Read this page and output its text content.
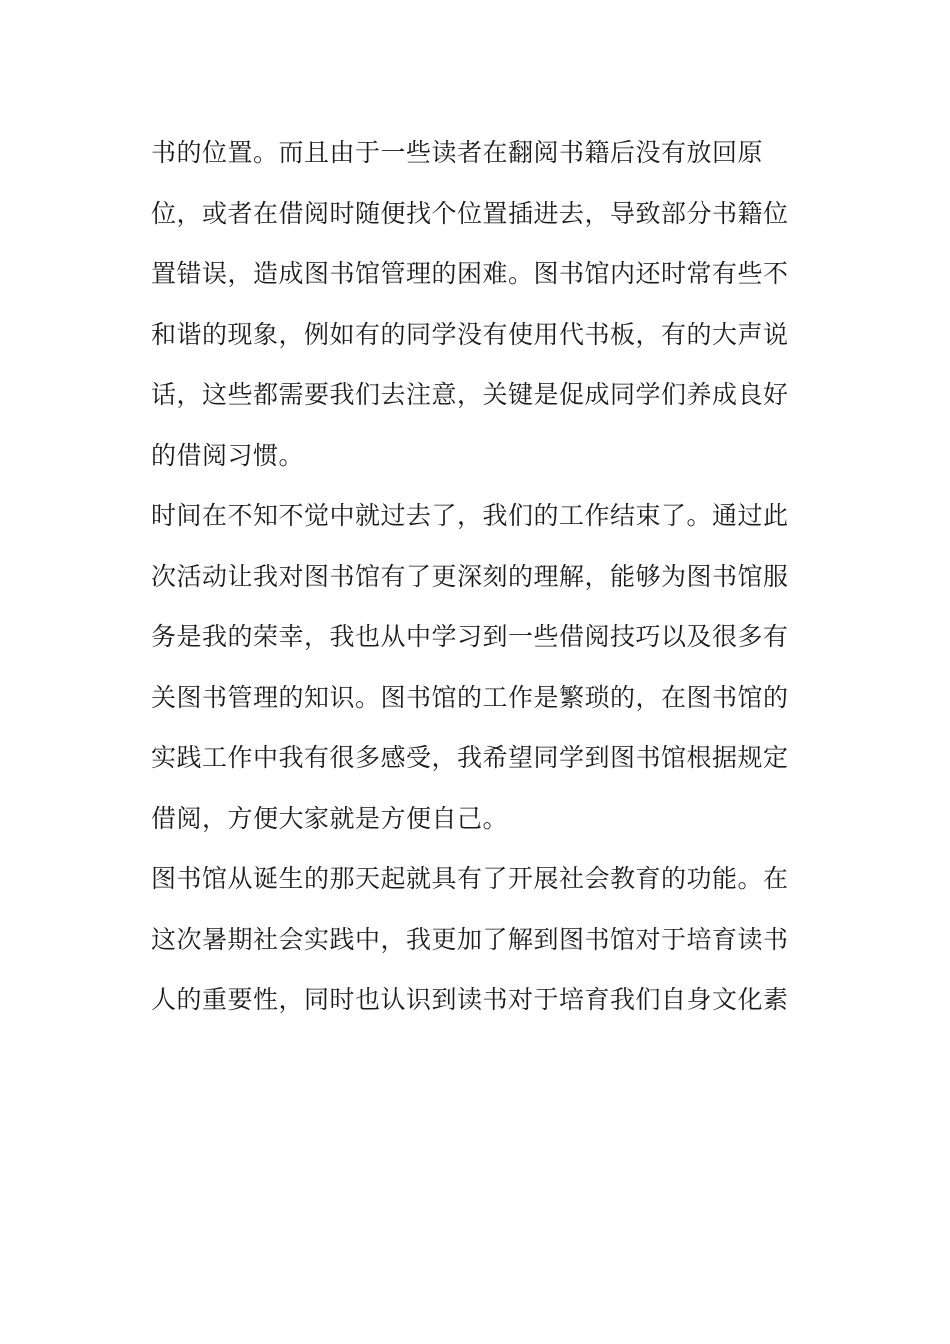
书的位置。而且由于一些读者在翻阅书籍后没有放回原
位，或者在借阅时随便找个位置插进去，导致部分书籍位
置错误，造成图书馆管理的困难。图书馆内还时常有些不
和谐的现象，例如有的同学没有使用代书板，有的大声说
话，这些都需要我们去注意，关键是促成同学们养成良好
的借阅习惯。
时间在不知不觉中就过去了，我们的工作结束了。通过此
次活动让我对图书馆有了更深刻的理解，能够为图书馆服
务是我的荣幸，我也从中学习到一些借阅技巧以及很多有
关图书管理的知识。图书馆的工作是繁琐的，在图书馆的
实践工作中我有很多感受，我希望同学到图书馆根据规定
借阅，方便大家就是方便自己。
图书馆从诞生的那天起就具有了开展社会教育的功能。在
这次暑期社会实践中，我更加了解到图书馆对于培育读书
人的重要性，同时也认识到读书对于培育我们自身文化素
